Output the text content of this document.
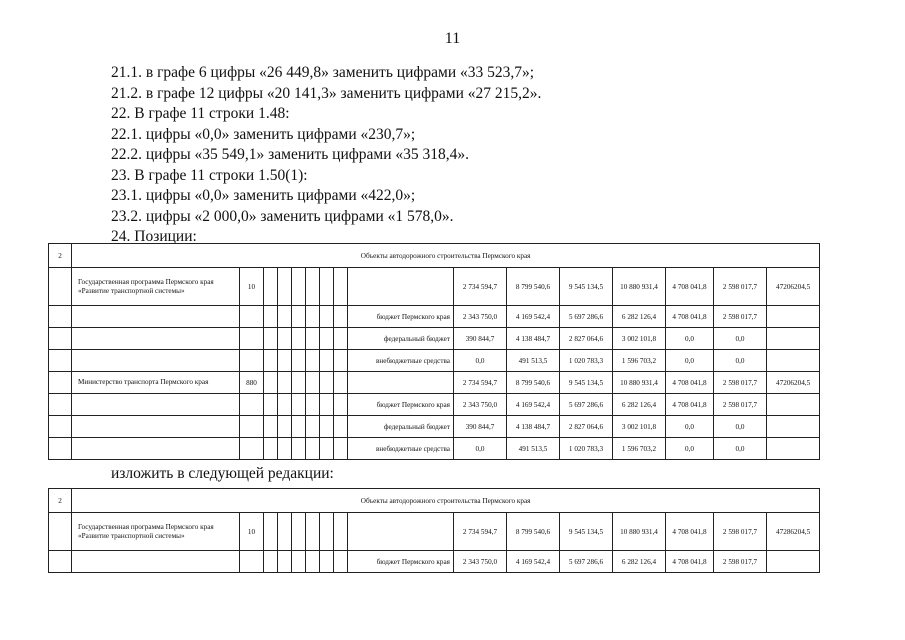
11
21.1. в графе 6 цифры «26 449,8» заменить цифрами «33 523,7»;
21.2. в графе 12 цифры «20 141,3» заменить цифрами «27 215,2».
22. В графе 11 строки 1.48:
22.1. цифры «0,0» заменить цифрами «230,7»;
22.2. цифры «35 549,1» заменить цифрами «35 318,4».
23. В графе 11 строки 1.50(1):
23.1. цифры «0,0» заменить цифрами «422,0»;
23.2. цифры «2 000,0» заменить цифрами «1 578,0».
24. Позиции:
2	Объекты автодорожного строительства Пермского края															
	Государственная программа Пермского края «Развитие транспортной системы»	10								2 734 594,7	8 799 540,6	9 545 134,5	10 880 931,4	4 708 041,8	2 598 017,7	47206204,5
									бюджет Пермского края	2 343 750,0	4 169 542,4	5 697 286,6	6 282 126,4	4 708 041,8	2 598 017,7	
									федеральный бюджет	390 844,7	4 138 484,7	2 827 064,6	3 002 101,8	0,0	0,0	
									внебюджетные средства	0,0	491 513,5	1 020 783,3	1 596 703,2	0,0	0,0	
	Министерство транспорта Пермского края	880								2 734 594,7	8 799 540,6	9 545 134,5	10 880 931,4	4 708 041,8	2 598 017,7	47206204,5
									бюджет Пермского края	2 343 750,0	4 169 542,4	5 697 286,6	6 282 126,4	4 708 041,8	2 598 017,7	
									федеральный бюджет	390 844,7	4 138 484,7	2 827 064,6	3 002 101,8	0,0	0,0	
									внебюджетные средства	0,0	491 513,5	1 020 783,3	1 596 703,2	0,0	0,0	
изложить в следующей редакции:
2	Объекты автодорожного строительства Пермского края															
	Государственная программа Пермского края «Развитие транспортной системы»	10								2 734 594,7	8 799 540,6	9 545 134,5	10 880 931,4	4 708 041,8	2 598 017,7	47286204,5
									бюджет Пермского края	2 343 750,0	4 169 542,4	5 697 286,6	6 282 126,4	4 708 041,8	2 598 017,7	
